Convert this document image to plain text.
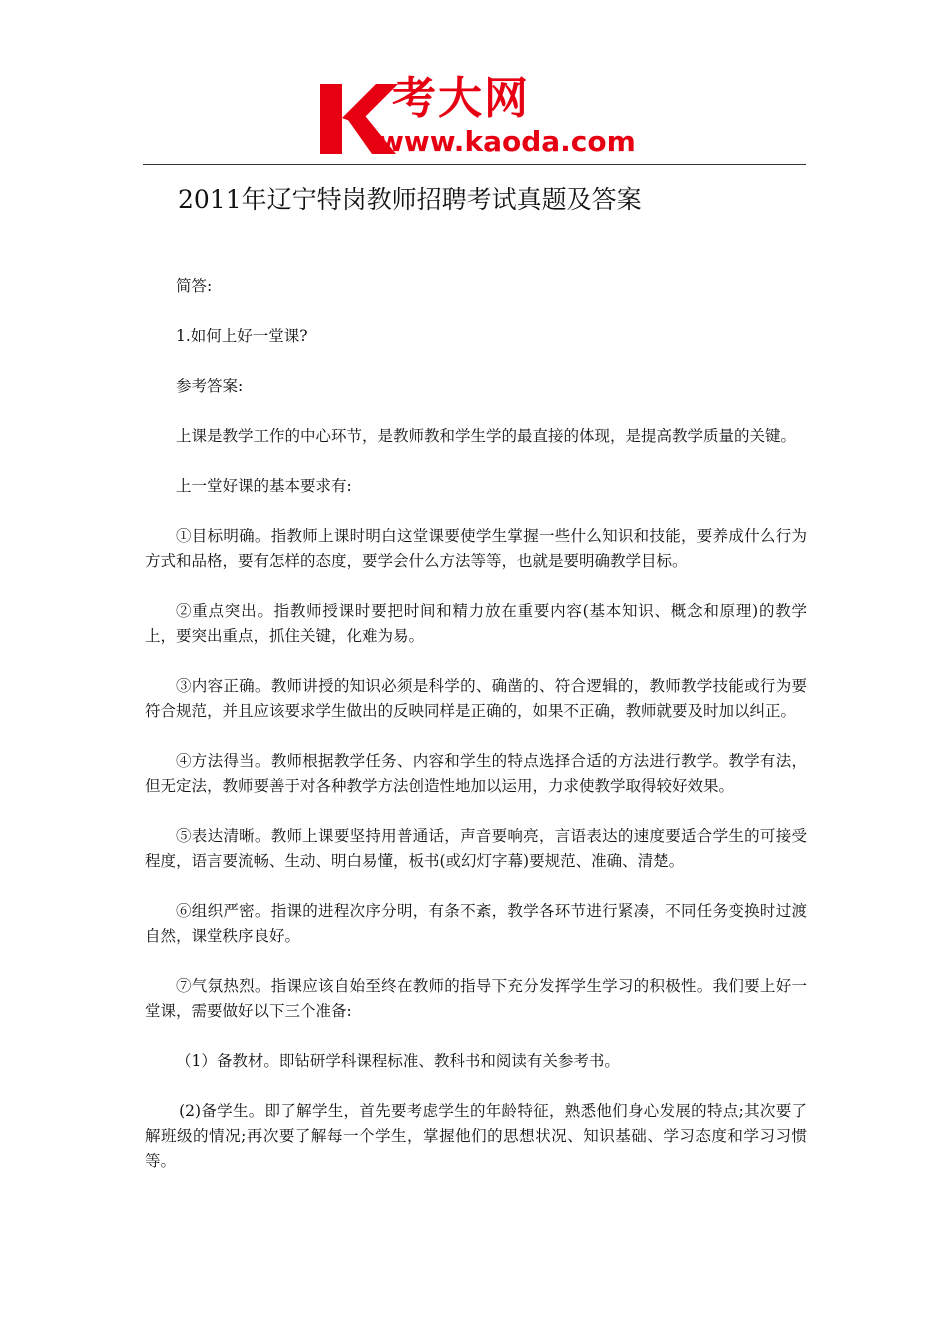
考大网
www.kaoda.com
2011年辽宁特岗教师招聘考试真题及答案

简答:

1.如何上好一堂课?

参考答案:

上课是教学工作的中心环节，是教师教和学生学的最直接的体现，是提高教学质量的关键。

上一堂好课的基本要求有:

①目标明确。指教师上课时明白这堂课要使学生掌握一些什么知识和技能，要养成什么行为方式和品格，要有怎样的态度，要学会什么方法等等，也就是要明确教学目标。

②重点突出。指教师授课时要把时间和精力放在重要内容(基本知识、概念和原理)的教学上，要突出重点，抓住关键，化难为易。

③内容正确。教师讲授的知识必须是科学的、确凿的、符合逻辑的，教师教学技能或行为要符合规范，并且应该要求学生做出的反映同样是正确的，如果不正确，教师就要及时加以纠正。

④方法得当。教师根据教学任务、内容和学生的特点选择合适的方法进行教学。教学有法，但无定法，教师要善于对各种教学方法创造性地加以运用，力求使教学取得较好效果。

⑤表达清晰。教师上课要坚持用普通话，声音要响亮，言语表达的速度要适合学生的可接受程度，语言要流畅、生动、明白易懂，板书(或幻灯字幕)要规范、准确、清楚。

⑥组织严密。指课的进程次序分明，有条不紊，教学各环节进行紧凑，不同任务变换时过渡自然，课堂秩序良好。

⑦气氛热烈。指课应该自始至终在教师的指导下充分发挥学生学习的积极性。我们要上好一堂课，需要做好以下三个准备:

（1）备教材。即钻研学科课程标准、教科书和阅读有关参考书。

(2)备学生。即了解学生，首先要考虑学生的年龄特征，熟悉他们身心发展的特点;其次要了解班级的情况;再次要了解每一个学生，掌握他们的思想状况、知识基础、学习态度和学习习惯等。
